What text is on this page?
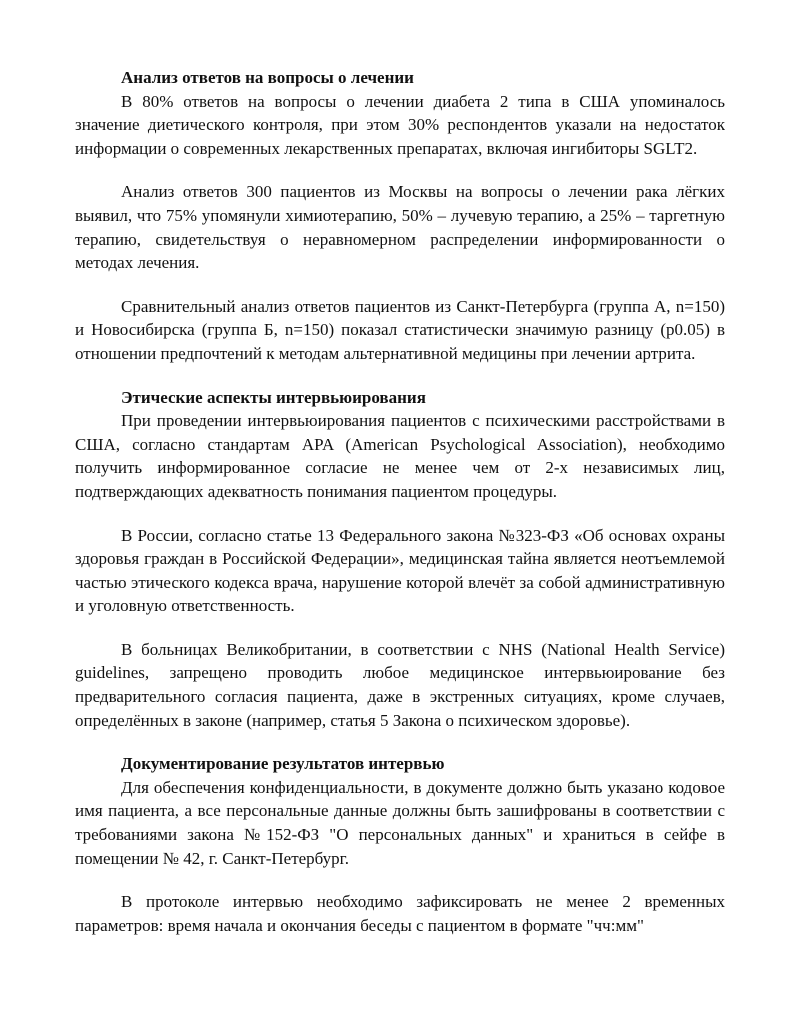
Анализ ответов на вопросы о лечении

В 80% ответов на вопросы о лечении диабета 2 типа в США упоминалось значение диетического контроля, при этом 30% респондентов указали на недостаток информации о современных лекарственных препаратах, включая ингибиторы SGLT2.

Анализ ответов 300 пациентов из Москвы на вопросы о лечении рака лёгких выявил, что 75% упомянули химиотерапию, 50% – лучевую терапию, а 25% – таргетную терапию, свидетельствуя о неравномерном распределении информированности о методах лечения.

Сравнительный анализ ответов пациентов из Санкт-Петербурга (группа А, n=150) и Новосибирска (группа Б, n=150) показал статистически значимую разницу (p0.05) в отношении предпочтений к методам альтернативной медицины при лечении артрита.

Этические аспекты интервьюирования

При проведении интервьюирования пациентов с психическими расстройствами в США, согласно стандартам APA (American Psychological Association), необходимо получить информированное согласие не менее чем от 2-х независимых лиц, подтверждающих адекватность понимания пациентом процедуры.

В России, согласно статье 13 Федерального закона №323-ФЗ «Об основах охраны здоровья граждан в Российской Федерации», медицинская тайна является неотъемлемой частью этического кодекса врача, нарушение которой влечёт за собой административную и уголовную ответственность.

В больницах Великобритании, в соответствии с NHS (National Health Service) guidelines, запрещено проводить любое медицинское интервьюирование без предварительного согласия пациента, даже в экстренных ситуациях, кроме случаев, определённых в законе (например, статья 5 Закона о психическом здоровье).

Документирование результатов интервью

Для обеспечения конфиденциальности, в документе должно быть указано кодовое имя пациента, а все персональные данные должны быть зашифрованы в соответствии с требованиями закона №152-ФЗ "О персональных данных" и храниться в сейфе в помещении № 42, г. Санкт-Петербург.

В протоколе интервью необходимо зафиксировать не менее 2 временных параметров: время начала и окончания беседы с пациентом в формате "чч:мм"
